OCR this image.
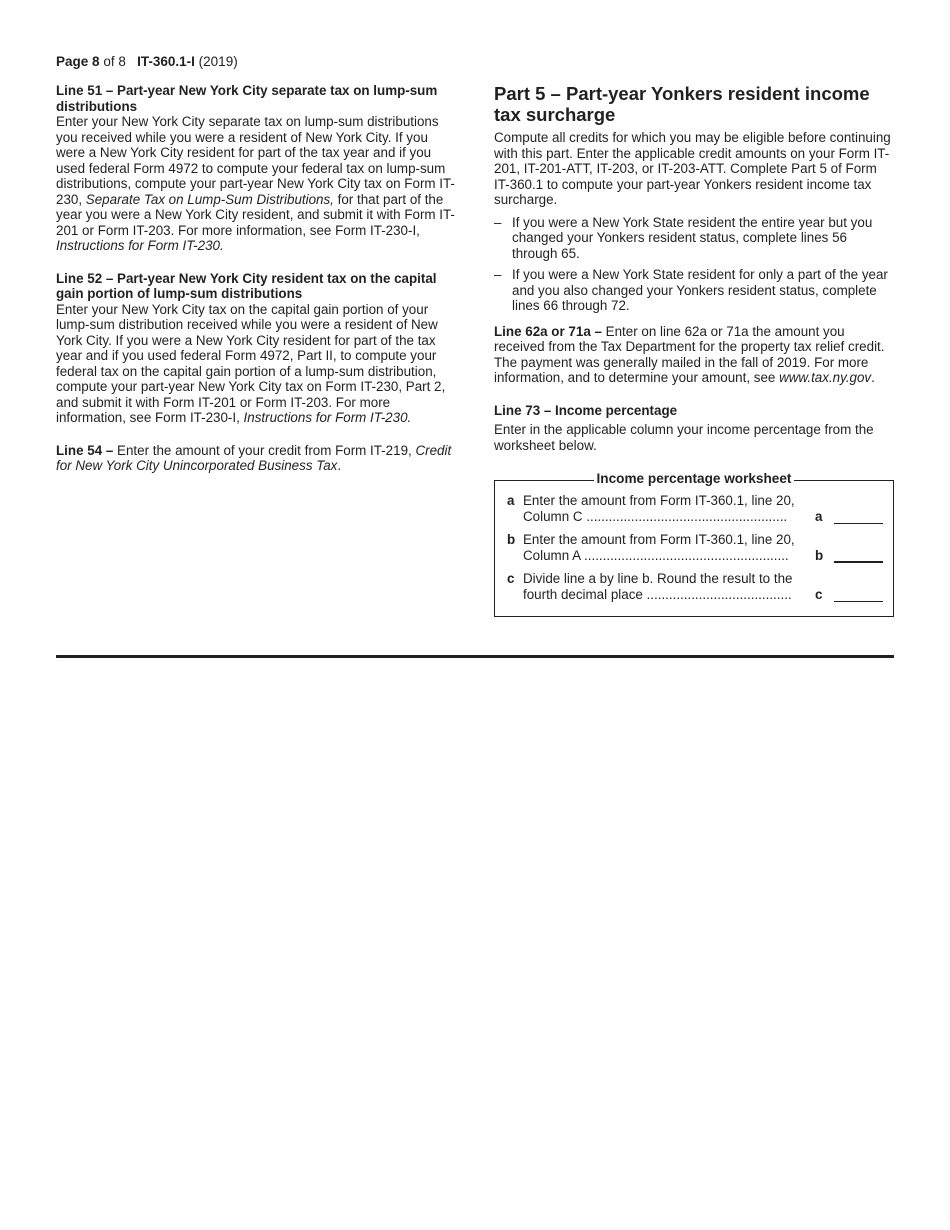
Page 8 of 8 IT-360.1-I (2019)

Line 51 – Part-year New York City separate tax on lump-sum distributions

Enter your New York City separate tax on lump-sum distributions you received while you were a resident of New York City. If you were a New York City resident for part of the tax year and if you used federal Form 4972 to compute your federal tax on lump-sum distributions, compute your part-year New York City tax on Form IT-230, Separate Tax on Lump-Sum Distributions, for that part of the year you were a New York City resident, and submit it with Form IT-201 or Form IT-203. For more information, see Form IT-230-I, Instructions for Form IT-230.

Line 52 – Part-year New York City resident tax on the capital gain portion of lump-sum distributions

Enter your New York City tax on the capital gain portion of your lump-sum distribution received while you were a resident of New York City. If you were a New York City resident for part of the tax year and if you used federal Form 4972, Part II, to compute your federal tax on the capital gain portion of a lump-sum distribution, compute your part-year New York City tax on Form IT-230, Part 2, and submit it with Form IT-201 or Form IT-203. For more information, see Form IT-230-I, Instructions for Form IT-230.

Line 54 – Enter the amount of your credit from Form IT-219, Credit for New York City Unincorporated Business Tax.

Part 5 – Part-year Yonkers resident income tax surcharge

Compute all credits for which you may be eligible before continuing with this part. Enter the applicable credit amounts on your Form IT-201, IT-201-ATT, IT-203, or IT-203-ATT. Complete Part 5 of Form IT-360.1 to compute your part-year Yonkers resident income tax surcharge.

– If you were a New York State resident the entire year but you changed your Yonkers resident status, complete lines 56 through 65.
– If you were a New York State resident for only a part of the year and you also changed your Yonkers resident status, complete lines 66 through 72.

Line 62a or 71a – Enter on line 62a or 71a the amount you received from the Tax Department for the property tax relief credit. The payment was generally mailed in the fall of 2019. For more information, and to determine your amount, see www.tax.ny.gov.

Line 73 – Income percentage

Enter in the applicable column your income percentage from the worksheet below.

Income percentage worksheet
a Enter the amount from Form IT-360.1, line 20,
Column C ......................................................	a
b Enter the amount from Form IT-360.1, line 20,
Column A .......................................................	b
c Divide line a by line b. Round the result to the
fourth decimal place .......................................	c
